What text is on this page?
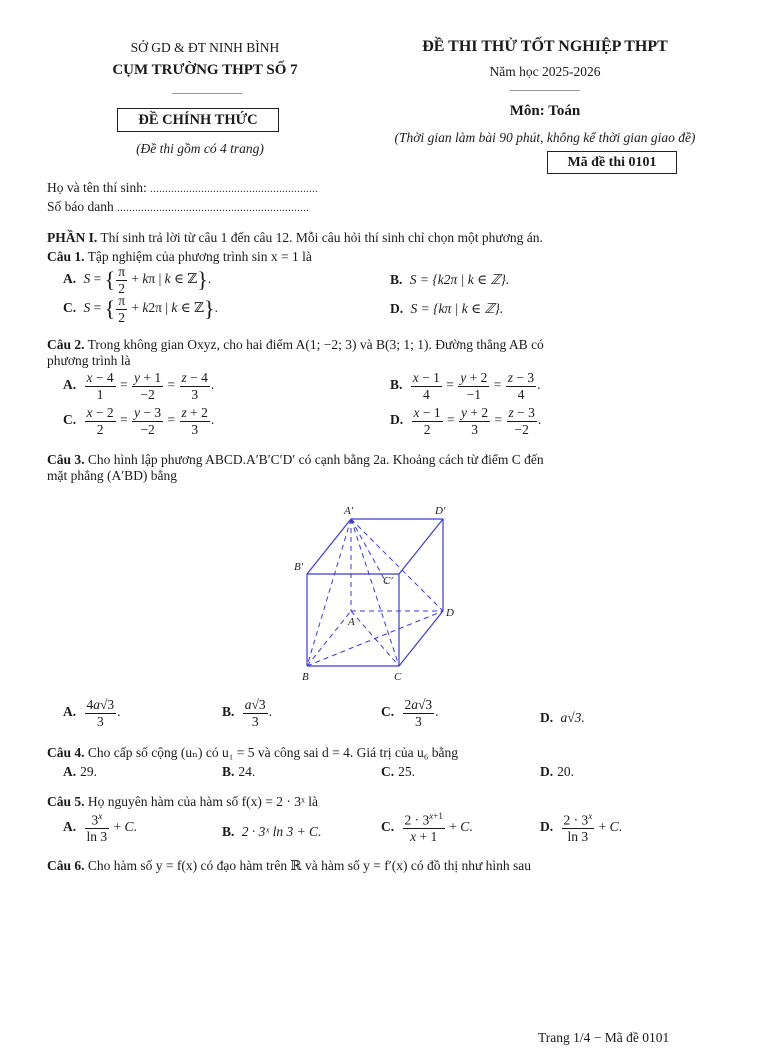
SỞ GD & ĐT NINH BÌNH
CỤM TRƯỜNG THPT SỐ 7
ĐỀ CHÍNH THỨC
(Đề thi gồm có 4 trang)
ĐỀ THI THỬ TỐT NGHIỆP THPT
Năm học 2025-2026
Môn: Toán
(Thời gian làm bài 90 phút, không kể thời gian giao đề)
Mã đề thi 0101
Họ và tên thí sinh: ........................................................
Số báo danh ................................................................
PHẦN I. Thí sinh trả lời từ câu 1 đến câu 12. Mỗi câu hỏi thí sinh chỉ chọn một phương án.
Câu 1. Tập nghiệm của phương trình sin x = 1 là
A. S = { $\frac{\pi}{2} + k\pi$ | k ∈ ℤ}.	B. S = {k2π | k ∈ ℤ}.
C. S = { $\frac{\pi}{2} + k2\pi$ | k ∈ ℤ}.	D. S = {kπ | k ∈ ℤ}.
Câu 2. Trong không gian Oxyz, cho hai điểm A(1; −2; 3) và B(3; 1; 1). Đường thẳng AB có
phương trình là
A. $\frac{x - 4}{1} = \frac{y + 1}{-2} = \frac{z - 4}{3}$ .	B. $\frac{x - 1}{4} = \frac{y + 2}{-1} = \frac{z - 3}{4}$ .
C. $\frac{x - 2}{2} = \frac{y - 3}{-2} = \frac{z + 2}{3}$ .	D. $\frac{x - 1}{2} = \frac{y + 2}{3} = \frac{z - 3}{-2}$ .
Câu 3. Cho hình lập phương ABCD.A′B′C′D′ có cạnh bằng 2a. Khoảng cách từ điểm C đến
mặt phẳng (A′BD) bằng
A′	D′
B′
C′
D
A
B	C
A. $\frac{4a√3}{3}$ .	B. $\frac{a√3}{3}$ .	C. $\frac{2a√3}{3}$ .	D. a√3.
Câu 4. Cho cấp số cộng (uₙ) có u₁ = 5 và công sai d = 4. Giá trị của u₆ bằng
A. 29.	B. 24.	C. 25.	D. 20.
Câu 5. Họ nguyên hàm của hàm số f(x) = 2 · 3ˣ là
A. $\frac{3^x}{\ln 3} + C$.	B. 2 · 3ˣ ln 3 + C.	C. $\frac{2 \cdot 3^{x+1}}{x + 1} + C$.	D. $\frac{2 \cdot 3^x}{\ln 3} + C$.
Câu 6. Cho hàm số y = f(x) có đạo hàm trên ℝ và hàm số y = f′(x) có đồ thị như hình sau
Trang 1/4 − Mã đề 0101
